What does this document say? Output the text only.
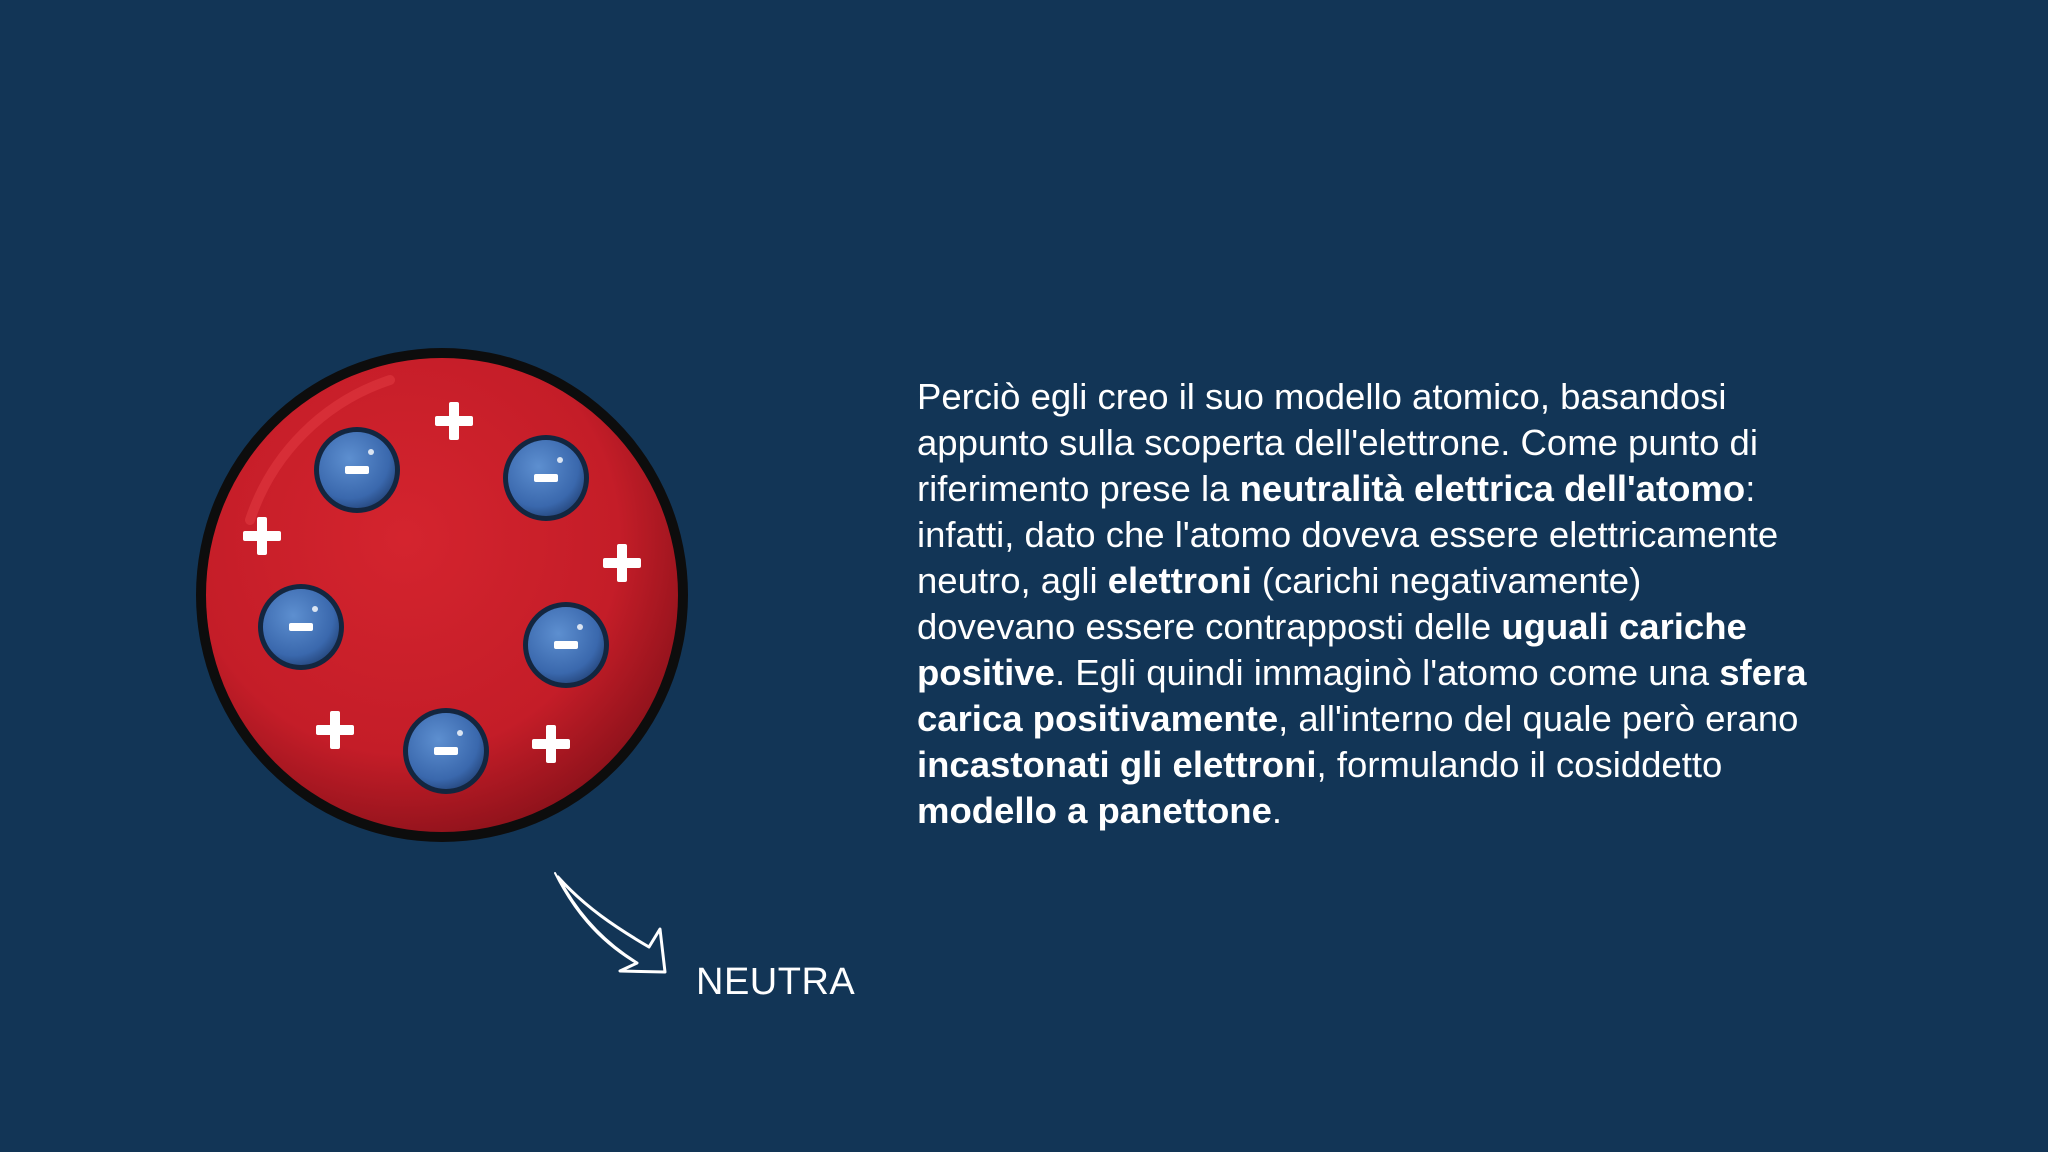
NEUTRA
Perciò egli creo il suo modello atomico, basandosi
appunto sulla scoperta dell'elettrone. Come punto di
riferimento prese la neutralità elettrica dell'atomo:
infatti, dato che l'atomo doveva essere elettricamente
neutro, agli elettroni (carichi negativamente)
dovevano essere contrapposti delle uguali cariche
positive. Egli quindi immaginò l'atomo come una sfera
carica positivamente, all'interno del quale però erano
incastonati gli elettroni, formulando il cosiddetto
modello a panettone.
